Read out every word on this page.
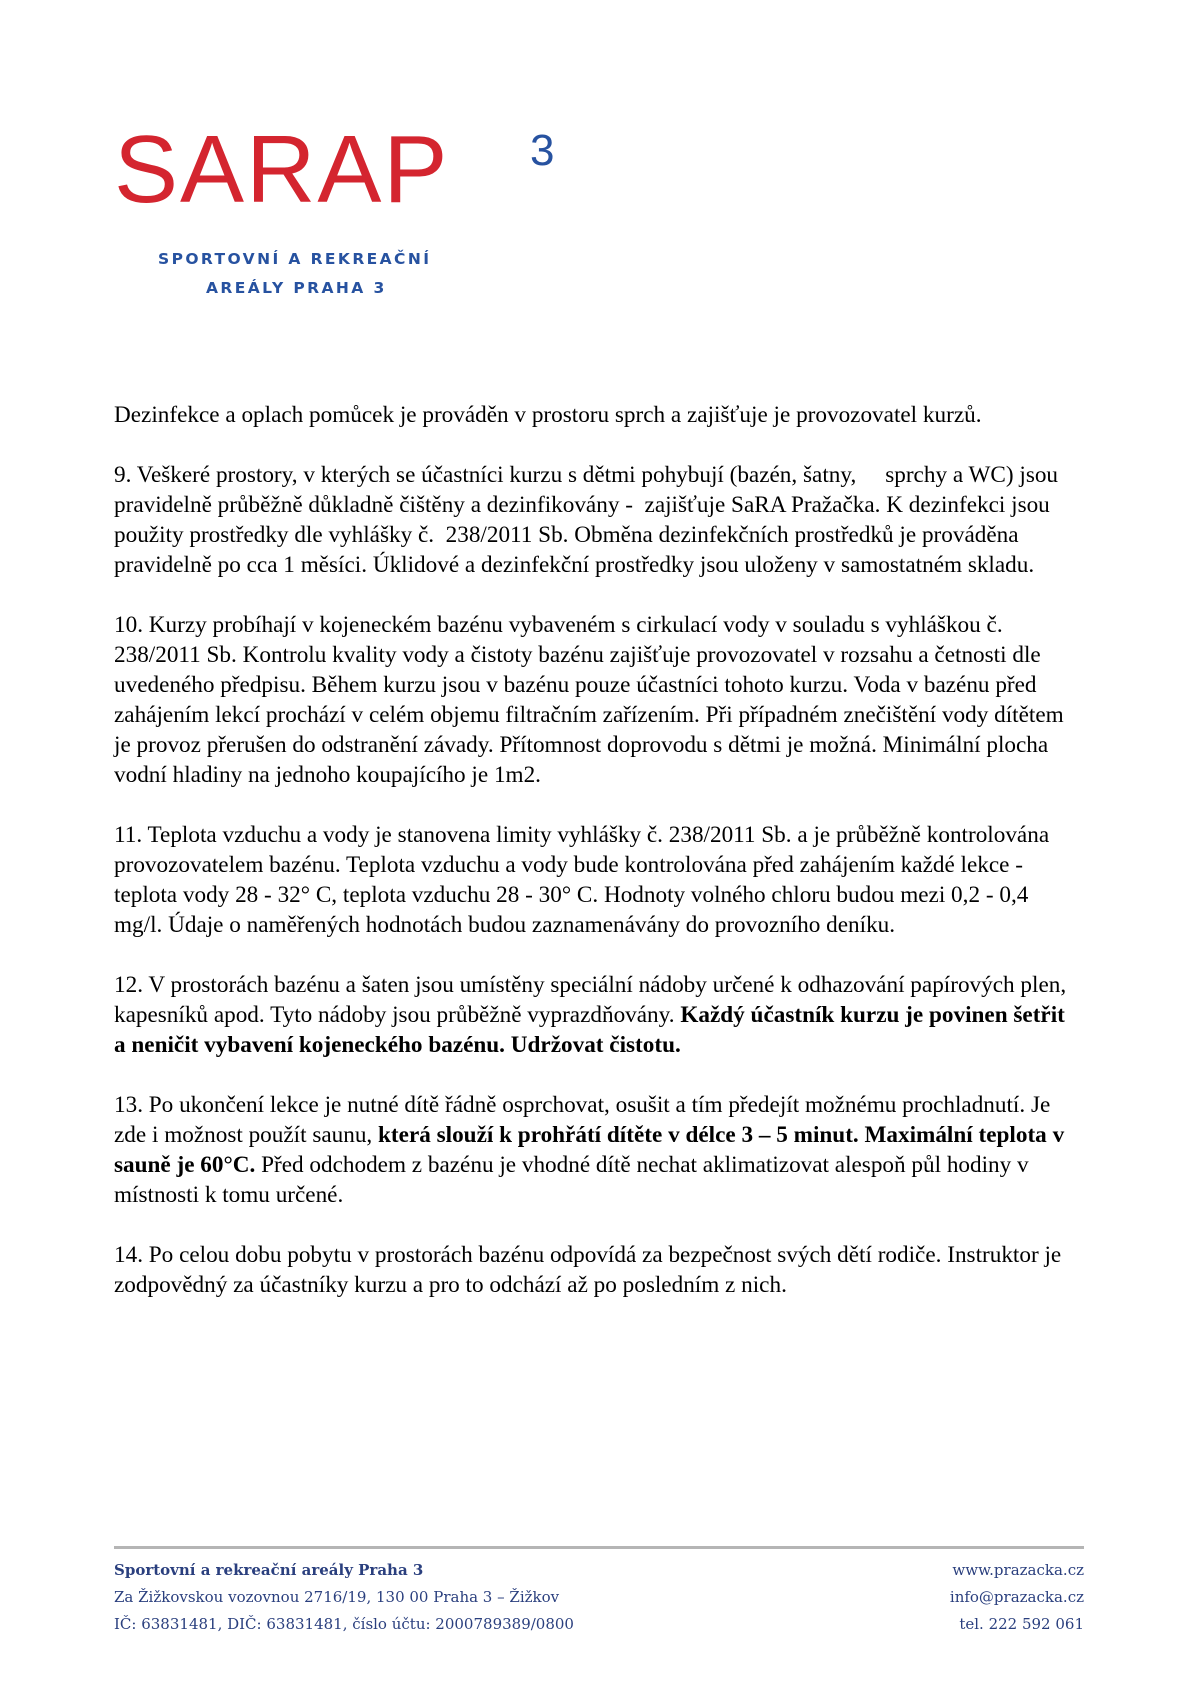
SARAP 3
SPORTOVNÍ A REKREAČNÍ
AREÁLY PRAHA 3

Dezinfekce a oplach pomůcek je prováděn v prostoru sprch a zajišťuje je provozovatel kurzů.

9. Veškeré prostory, v kterých se účastníci kurzu s dětmi pohybují (bazén, šatny,     sprchy a WC) jsou pravidelně průběžně důkladně čištěny a dezinfikovány -  zajišťuje SaRA Pražačka. K dezinfekci jsou použity prostředky dle vyhlášky č.  238/2011 Sb. Obměna dezinfekčních prostředků je prováděna pravidelně po cca 1 měsíci. Úklidové a dezinfekční prostředky jsou uloženy v samostatném skladu.

10. Kurzy probíhají v kojeneckém bazénu vybaveném s cirkulací vody v souladu s vyhláškou č. 238/2011 Sb. Kontrolu kvality vody a čistoty bazénu zajišťuje provozovatel v rozsahu a četnosti dle uvedeného předpisu. Během kurzu jsou v bazénu pouze účastníci tohoto kurzu. Voda v bazénu před zahájením lekcí prochází v celém objemu filtračním zařízením. Při případném znečištění vody dítětem je provoz přerušen do odstranění závady. Přítomnost doprovodu s dětmi je možná. Minimální plocha vodní hladiny na jednoho koupajícího je 1m2.

11. Teplota vzduchu a vody je stanovena limity vyhlášky č. 238/2011 Sb. a je průběžně kontrolována provozovatelem bazénu. Teplota vzduchu a vody bude kontrolována před zahájením každé lekce - teplota vody 28 - 32° C, teplota vzduchu 28 - 30° C. Hodnoty volného chloru budou mezi 0,2 - 0,4 mg/l. Údaje o naměřených hodnotách budou zaznamenávány do provozního deníku.

12. V prostorách bazénu a šaten jsou umístěny speciální nádoby určené k odhazování papírových plen, kapesníků apod. Tyto nádoby jsou průběžně vyprazdňovány. Každý účastník kurzu je povinen šetřit a neničit vybavení kojeneckého bazénu. Udržovat čistotu.

13. Po ukončení lekce je nutné dítě řádně osprchovat, osušit a tím předejít možnému prochladnutí. Je zde i možnost použít saunu, která slouží k prohřátí dítěte v délce 3 – 5 minut. Maximální teplota v sauně je 60°C. Před odchodem z bazénu je vhodné dítě nechat aklimatizovat alespoň půl hodiny v místnosti k tomu určené.

14. Po celou dobu pobytu v prostorách bazénu odpovídá za bezpečnost svých dětí rodiče. Instruktor je zodpovědný za účastníky kurzu a pro to odchází až po posledním z nich.

Sportovní a rekreační areály Praha 3
Za Žižkovskou vozovnou 2716/19, 130 00 Praha 3 – Žižkov
IČ: 63831481, DIČ: 63831481, číslo účtu: 2000789389/0800
www.prazacka.cz
info@prazacka.cz
tel. 222 592 061
